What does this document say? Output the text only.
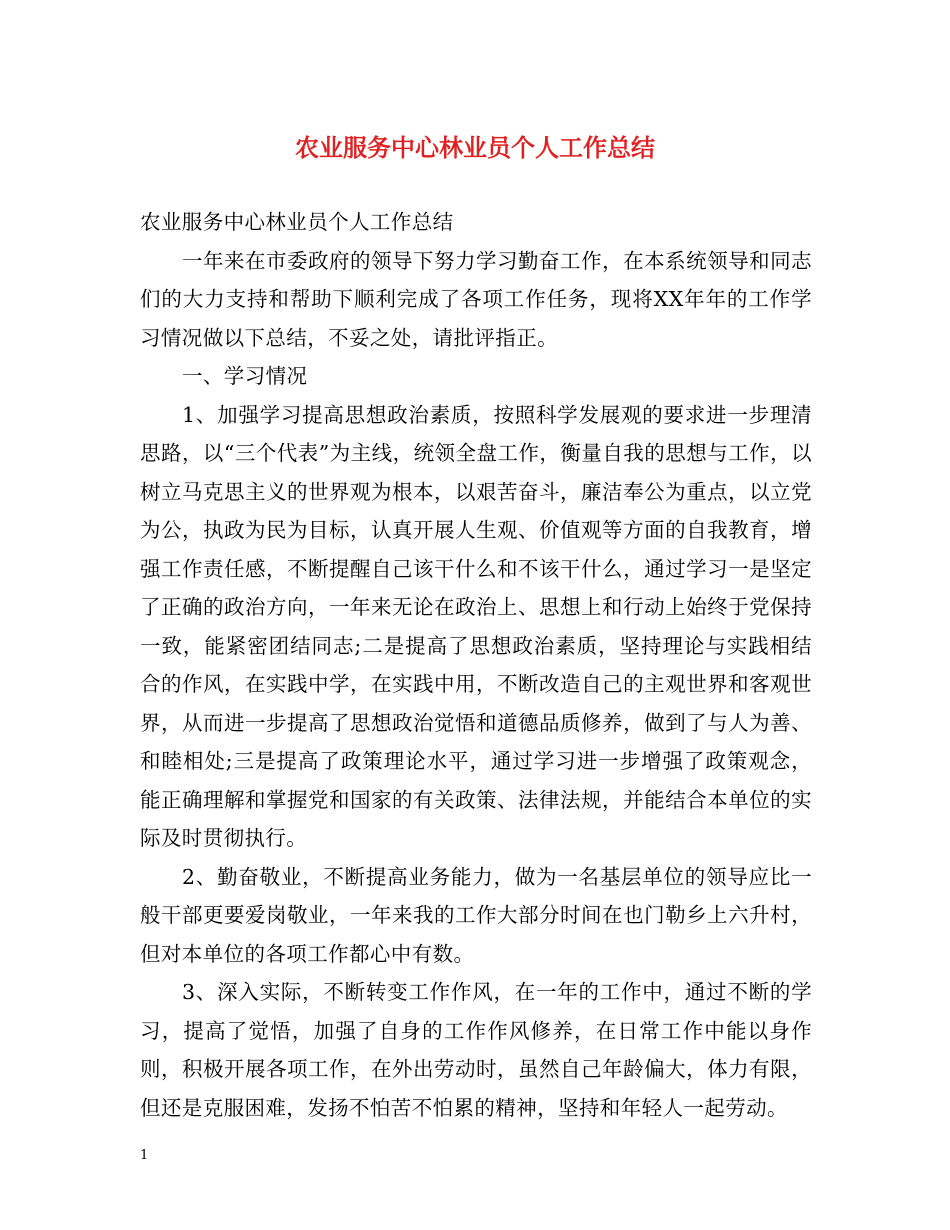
农业服务中心林业员个人工作总结

农业服务中心林业员个人工作总结

一年来在市委政府的领导下努力学习勤奋工作，在本系统领导和同志们的大力支持和帮助下顺利完成了各项工作任务，现将XX年年的工作学习情况做以下总结，不妥之处，请批评指正。

一、学习情况

1、加强学习提高思想政治素质，按照科学发展观的要求进一步理清思路，以“三个代表”为主线，统领全盘工作，衡量自我的思想与工作，以树立马克思主义的世界观为根本，以艰苦奋斗，廉洁奉公为重点，以立党为公，执政为民为目标，认真开展人生观、价值观等方面的自我教育，增强工作责任感，不断提醒自己该干什么和不该干什么，通过学习一是坚定了正确的政治方向，一年来无论在政治上、思想上和行动上始终于党保持一致，能紧密团结同志;二是提高了思想政治素质，坚持理论与实践相结合的作风，在实践中学，在实践中用，不断改造自己的主观世界和客观世界，从而进一步提高了思想政治觉悟和道德品质修养，做到了与人为善、和睦相处;三是提高了政策理论水平，通过学习进一步增强了政策观念，能正确理解和掌握党和国家的有关政策、法律法规，并能结合本单位的实际及时贯彻执行。

2、勤奋敬业，不断提高业务能力，做为一名基层单位的领导应比一般干部更要爱岗敬业，一年来我的工作大部分时间在也门勒乡上六升村，但对本单位的各项工作都心中有数。

3、深入实际，不断转变工作作风，在一年的工作中，通过不断的学习，提高了觉悟，加强了自身的工作作风修养，在日常工作中能以身作则，积极开展各项工作，在外出劳动时，虽然自己年龄偏大，体力有限，但还是克服困难，发扬不怕苦不怕累的精神，坚持和年轻人一起劳动。

1
